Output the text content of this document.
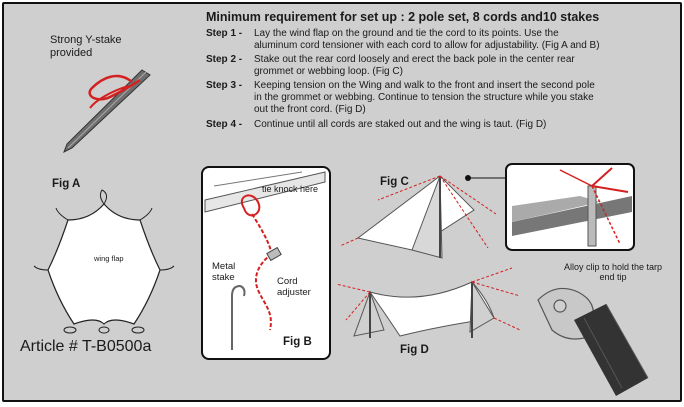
Minimum requirement for set up : 2 pole set, 8 cords and10 stakes
Step 1 - Lay the wind flap on the ground and tie the cord to its points. Use the
aluminum cord tensioner with each cord to allow for adjustability. (Fig A and B)
Step 2 - Stake out the rear cord loosely and erect the back pole in the center rear
grommet or webbing loop. (Fig C)
Step 3 - Keeping tension on the Wing and walk to the front and insert the second pole
in the grommet or webbing. Continue to tension the structure while you stake
out the front cord. (Fig D)
Step 4 - Continue until all cords are staked out and the wing is taut. (Fig D)
Strong Y-stake provided
Fig A
wing flap
Article # T-B0500a
tie knock here
Metal stake	Cord adjuster
Fig B
Fig C
Fig D
Alloy clip to hold the tarp end tip
